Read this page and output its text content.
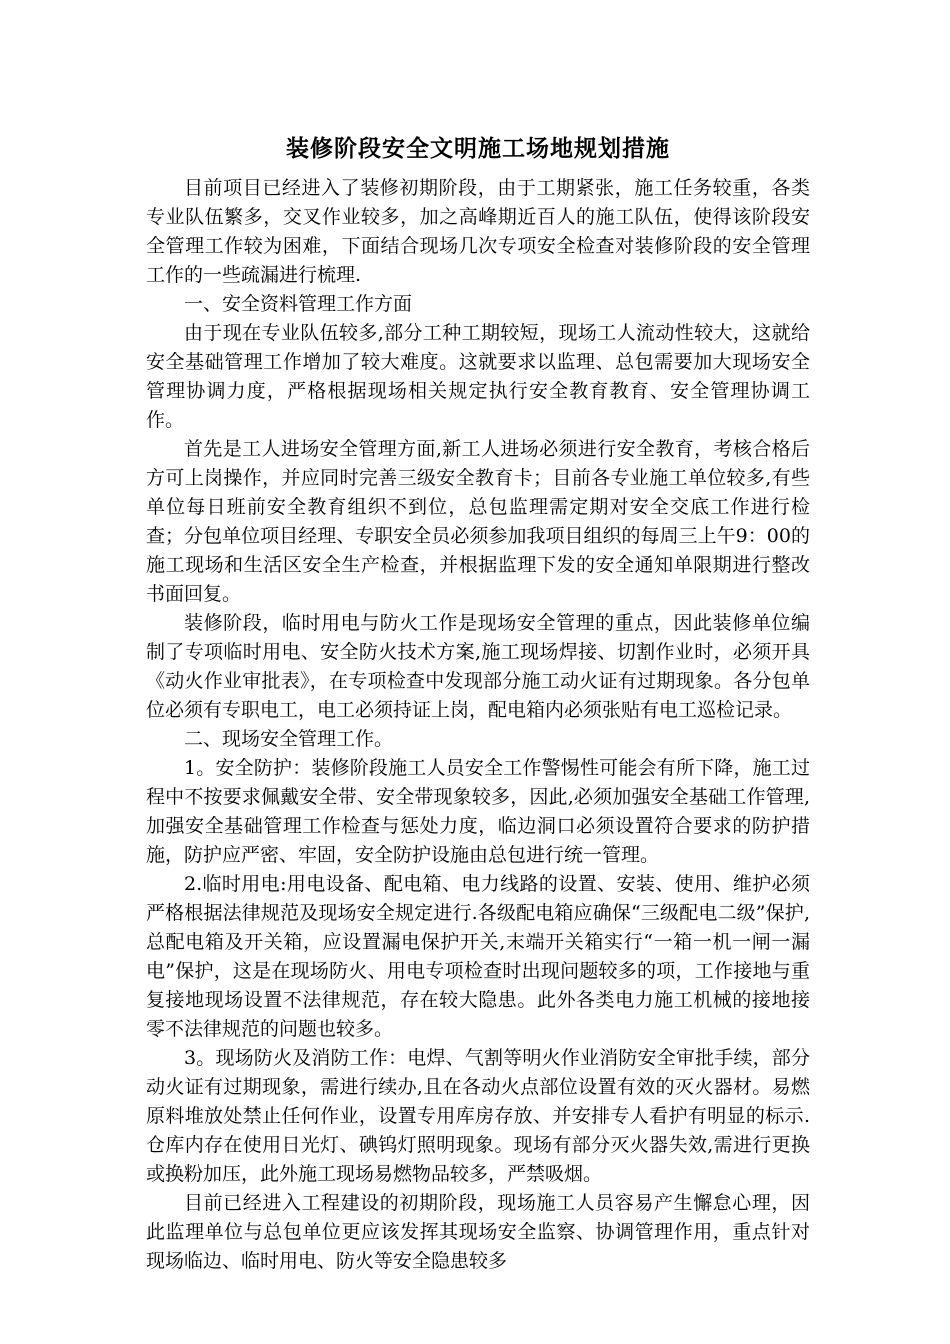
装修阶段安全文明施工场地规划措施

目前项目已经进入了装修初期阶段，由于工期紧张，施工任务较重，各类专业队伍繁多，交叉作业较多，加之高峰期近百人的施工队伍，使得该阶段安全管理工作较为困难，下面结合现场几次专项安全检查对装修阶段的安全管理工作的一些疏漏进行梳理.

一、安全资料管理工作方面

由于现在专业队伍较多,部分工种工期较短，现场工人流动性较大，这就给安全基础管理工作增加了较大难度。这就要求以监理、总包需要加大现场安全管理协调力度，严格根据现场相关规定执行安全教育教育、安全管理协调工作。

首先是工人进场安全管理方面,新工人进场必须进行安全教育，考核合格后方可上岗操作，并应同时完善三级安全教育卡；目前各专业施工单位较多,有些单位每日班前安全教育组织不到位，总包监理需定期对安全交底工作进行检查；分包单位项目经理、专职安全员必须参加我项目组织的每周三上午9：00的施工现场和生活区安全生产检查，并根据监理下发的安全通知单限期进行整改书面回复。

装修阶段，临时用电与防火工作是现场安全管理的重点，因此装修单位编制了专项临时用电、安全防火技术方案,施工现场焊接、切割作业时，必须开具《动火作业审批表》，在专项检查中发现部分施工动火证有过期现象。各分包单位必须有专职电工，电工必须持证上岗，配电箱内必须张贴有电工巡检记录。

二、现场安全管理工作。

1。安全防护：装修阶段施工人员安全工作警惕性可能会有所下降，施工过程中不按要求佩戴安全带、安全带现象较多，因此,必须加强安全基础工作管理,加强安全基础管理工作检查与惩处力度，临边洞口必须设置符合要求的防护措施，防护应严密、牢固，安全防护设施由总包进行统一管理。

2.临时用电:用电设备、配电箱、电力线路的设置、安装、使用、维护必须严格根据法律规范及现场安全规定进行.各级配电箱应确保“三级配电二级”保护,总配电箱及开关箱，应设置漏电保护开关,末端开关箱实行“一箱一机一闸一漏电”保护，这是在现场防火、用电专项检查时出现问题较多的项，工作接地与重复接地现场设置不法律规范，存在较大隐患。此外各类电力施工机械的接地接零不法律规范的问题也较多。

3。现场防火及消防工作：电焊、气割等明火作业消防安全审批手续，部分动火证有过期现象，需进行续办,且在各动火点部位设置有效的灭火器材。易燃原料堆放处禁止任何作业，设置专用库房存放、并安排专人看护有明显的标示.仓库内存在使用日光灯、碘钨灯照明现象。现场有部分灭火器失效,需进行更换或换粉加压，此外施工现场易燃物品较多，严禁吸烟。

目前已经进入工程建设的初期阶段，现场施工人员容易产生懈怠心理，因此监理单位与总包单位更应该发挥其现场安全监察、协调管理作用，重点针对现场临边、临时用电、防火等安全隐患较多
